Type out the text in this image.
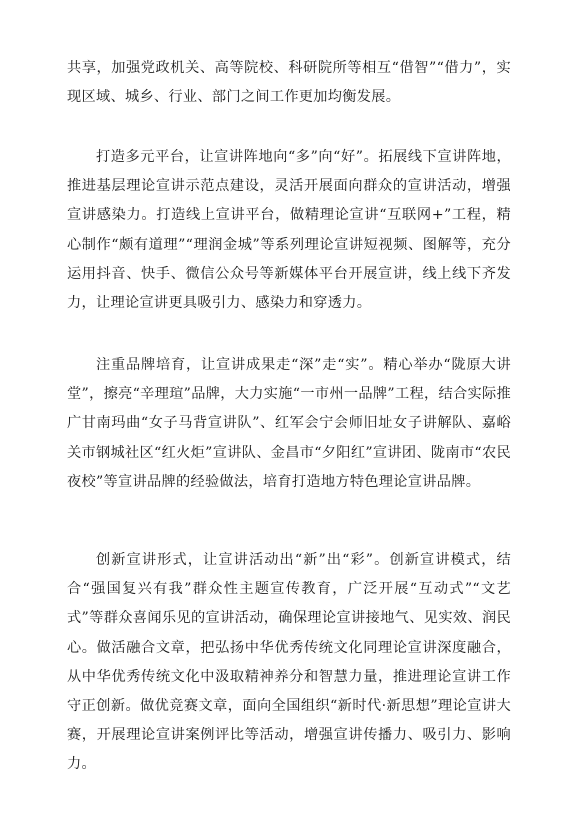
共享，加强党政机关、高等院校、科研院所等相互“借智”“借力”，实现区域、城乡、行业、部门之间工作更加均衡发展。

打造多元平台，让宣讲阵地向“多”向“好”。拓展线下宣讲阵地，推进基层理论宣讲示范点建设，灵活开展面向群众的宣讲活动，增强宣讲感染力。打造线上宣讲平台，做精理论宣讲“互联网+”工程，精心制作“颇有道理”“理润金城”等系列理论宣讲短视频、图解等，充分运用抖音、快手、微信公众号等新媒体平台开展宣讲，线上线下齐发力，让理论宣讲更具吸引力、感染力和穿透力。

注重品牌培育，让宣讲成果走“深”走“实”。精心举办“陇原大讲堂”，擦亮“辛理瑄”品牌，大力实施“一市州一品牌”工程，结合实际推广甘南玛曲“女子马背宣讲队”、红军会宁会师旧址女子讲解队、嘉峪关市钢城社区“红火炬”宣讲队、金昌市“夕阳红”宣讲团、陇南市“农民夜校”等宣讲品牌的经验做法，培育打造地方特色理论宣讲品牌。

创新宣讲形式，让宣讲活动出“新”出“彩”。创新宣讲模式，结合“强国复兴有我”群众性主题宣传教育，广泛开展“互动式”“文艺式”等群众喜闻乐见的宣讲活动，确保理论宣讲接地气、见实效、润民心。做活融合文章，把弘扬中华优秀传统文化同理论宣讲深度融合，从中华优秀传统文化中汲取精神养分和智慧力量，推进理论宣讲工作守正创新。做优竞赛文章，面向全国组织“新时代·新思想”理论宣讲大赛，开展理论宣讲案例评比等活动，增强宣讲传播力、吸引力、影响力。
